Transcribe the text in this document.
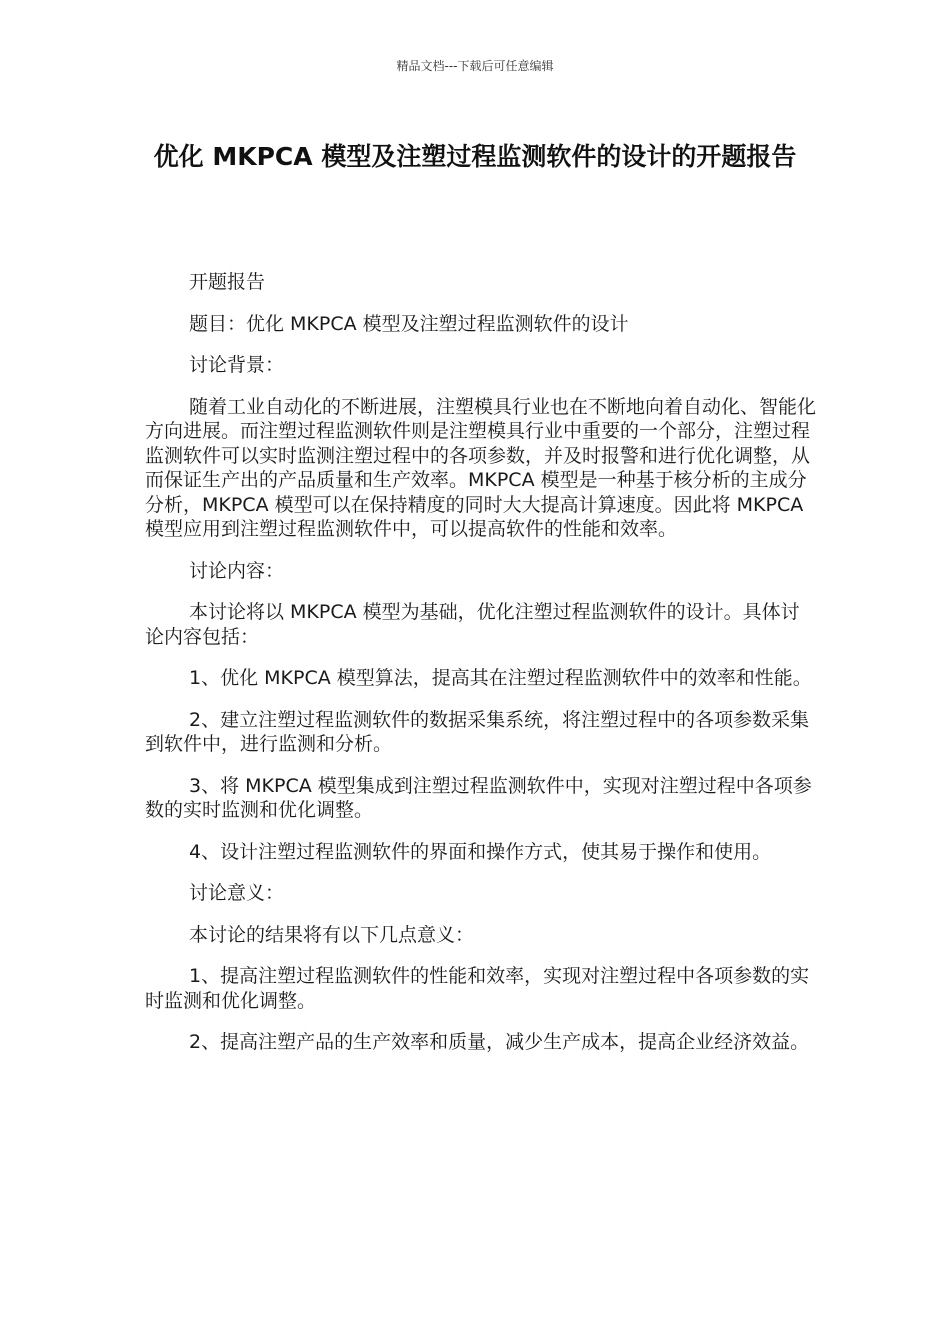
精品文档---下载后可任意编辑
优化 MKPCA 模型及注塑过程监测软件的设计的开题报告

开题报告

题目：优化 MKPCA 模型及注塑过程监测软件的设计

讨论背景：

随着工业自动化的不断进展，注塑模具行业也在不断地向着自动化、智能化方向进展。而注塑过程监测软件则是注塑模具行业中重要的一个部分，注塑过程监测软件可以实时监测注塑过程中的各项参数，并及时报警和进行优化调整，从而保证生产出的产品质量和生产效率。MKPCA 模型是一种基于核分析的主成分分析，MKPCA 模型可以在保持精度的同时大大提高计算速度。因此将 MKPCA 模型应用到注塑过程监测软件中，可以提高软件的性能和效率。

讨论内容：

本讨论将以 MKPCA 模型为基础，优化注塑过程监测软件的设计。具体讨论内容包括：

1、优化 MKPCA 模型算法，提高其在注塑过程监测软件中的效率和性能。

2、建立注塑过程监测软件的数据采集系统，将注塑过程中的各项参数采集到软件中，进行监测和分析。

3、将 MKPCA 模型集成到注塑过程监测软件中，实现对注塑过程中各项参数的实时监测和优化调整。

4、设计注塑过程监测软件的界面和操作方式，使其易于操作和使用。

讨论意义：

本讨论的结果将有以下几点意义：

1、提高注塑过程监测软件的性能和效率，实现对注塑过程中各项参数的实时监测和优化调整。

2、提高注塑产品的生产效率和质量，减少生产成本，提高企业经济效益。
